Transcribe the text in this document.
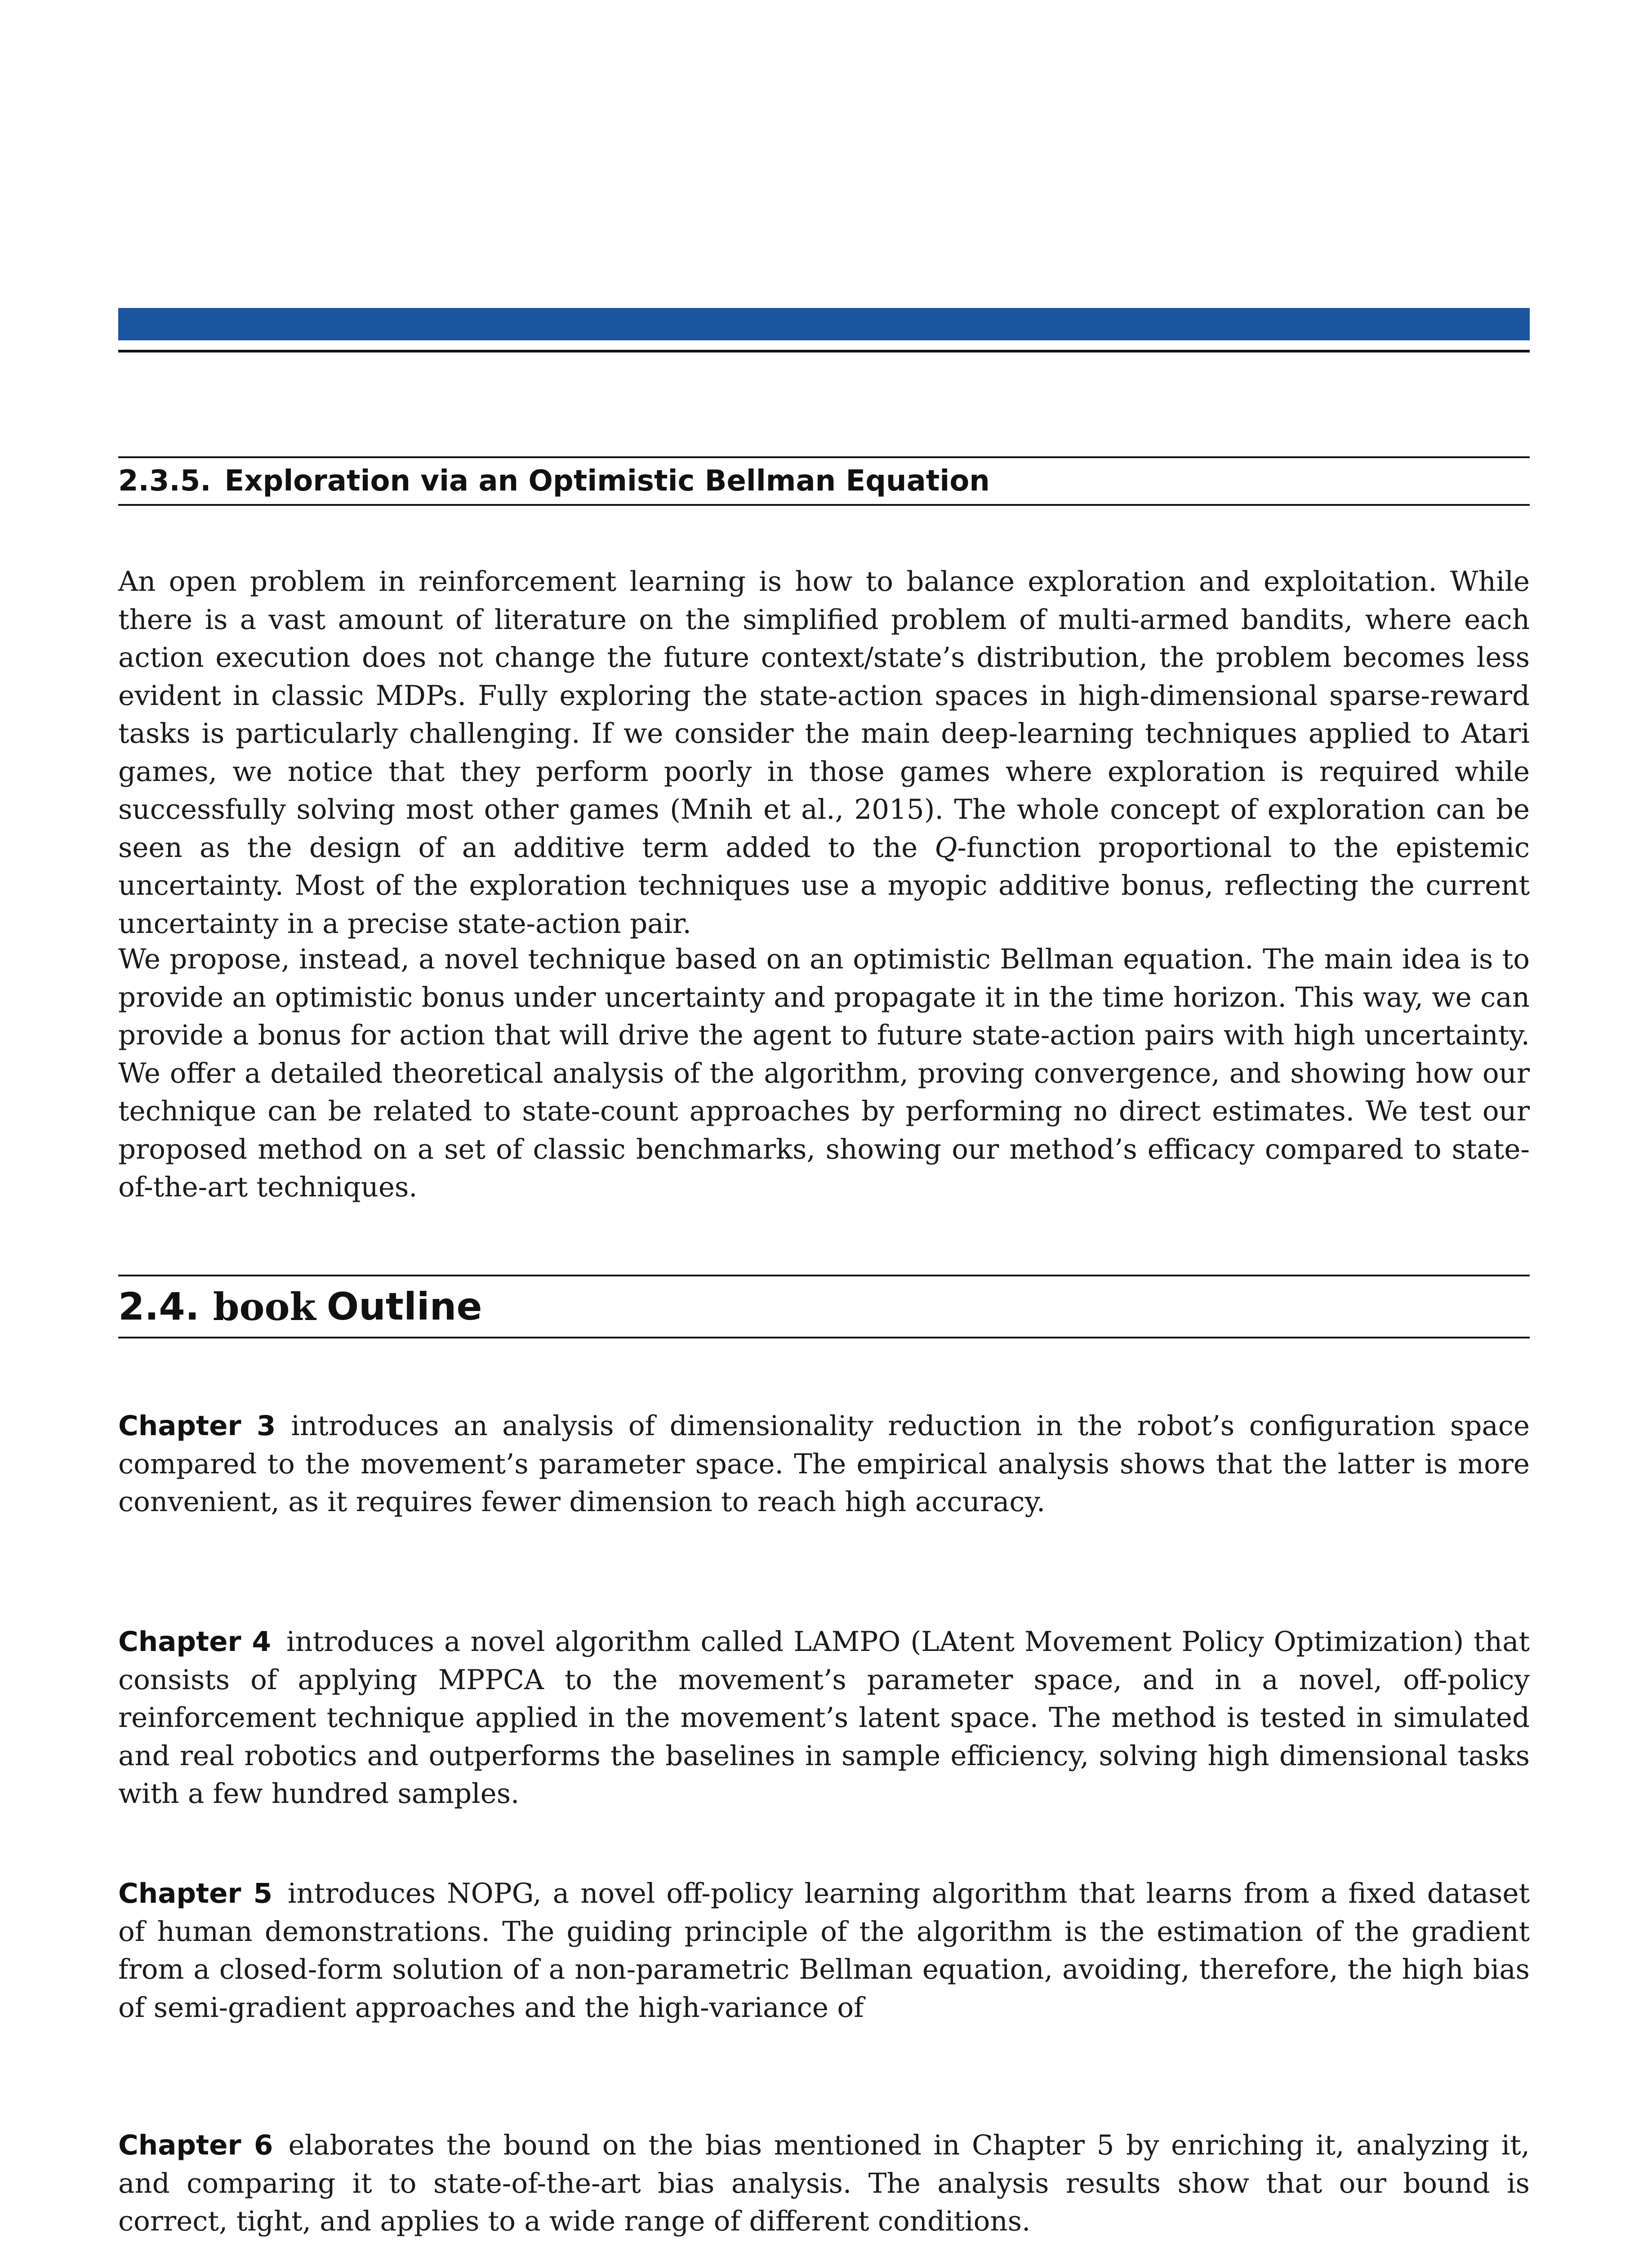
2.3.5. Exploration via an Optimistic Bellman Equation

An open problem in reinforcement learning is how to balance exploration and exploitation. While there is a vast amount of literature on the simplified problem of multi-armed bandits, where each action execution does not change the future context/state’s distribution, the problem becomes less evident in classic MDPs. Fully exploring the state-action spaces in high-dimensional sparse-reward tasks is particularly challenging. If we consider the main deep-learning techniques applied to Atari games, we notice that they perform poorly in those games where exploration is required while successfully solving most other games (Mnih et al., 2015). The whole concept of exploration can be seen as the design of an additive term added to the Q-function proportional to the epistemic uncertainty. Most of the exploration techniques use a myopic additive bonus, reflecting the current uncertainty in a precise state-action pair.

We propose, instead, a novel technique based on an optimistic Bellman equation. The main idea is to provide an optimistic bonus under uncertainty and propagate it in the time horizon. This way, we can provide a bonus for action that will drive the agent to future state-action pairs with high uncertainty. We offer a detailed theoretical analysis of the algorithm, proving convergence, and showing how our technique can be related to state-count approaches by performing no direct estimates. We test our proposed method on a set of classic benchmarks, showing our method’s efficacy compared to state-of-the-art techniques.

2.4. book Outline

Chapter 3 introduces an analysis of dimensionality reduction in the robot’s configuration space compared to the movement’s parameter space. The empirical analysis shows that the latter is more convenient, as it requires fewer dimension to reach high accuracy.

Chapter 4 introduces a novel algorithm called LAMPO (LAtent Movement Policy Optimization) that consists of applying MPPCA to the movement’s parameter space, and in a novel, off-policy reinforcement technique applied in the movement’s latent space. The method is tested in simulated and real robotics and outperforms the baselines in sample efficiency, solving high dimensional tasks with a few hundred samples.

Chapter 5 introduces NOPG, a novel off-policy learning algorithm that learns from a fixed dataset of human demonstrations. The guiding principle of the algorithm is the estimation of the gradient from a closed-form solution of a non-parametric Bellman equation, avoiding, therefore, the high bias of semi-gradient approaches and the high-variance of

Chapter 6 elaborates the bound on the bias mentioned in Chapter 5 by enriching it, analyzing it, and comparing it to state-of-the-art bias analysis. The analysis results show that our bound is correct, tight, and applies to a wide range of different conditions.
